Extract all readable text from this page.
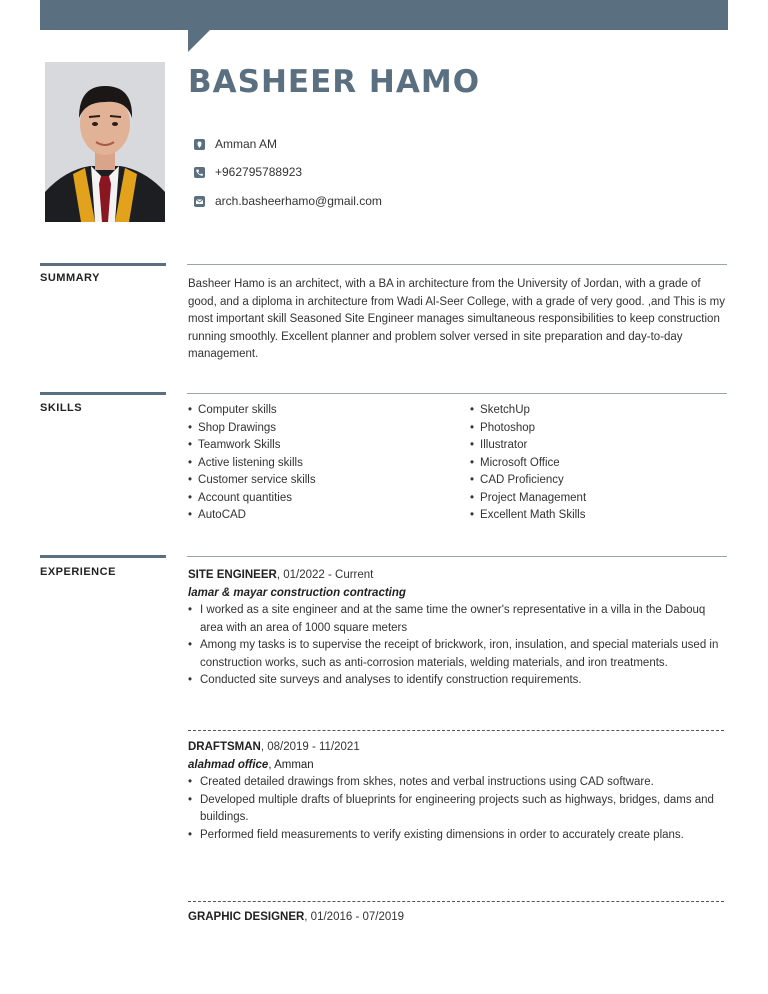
BASHEER HAMO
Amman AM
+962795788923
arch.basheerhamo@gmail.com
SUMMARY	Basheer Hamo is an architect, with a BA in architecture from the University of Jordan, with a grade of good, and a diploma in architecture from Wadi Al-Seer College, with a grade of very good. ,and This is my most important skill Seasoned Site Engineer manages simultaneous responsibilities to keep construction running smoothly. Excellent planner and problem solver versed in site preparation and day-to-day management.
SKILLS
•	Computer skills
• Shop Drawings
• Teamwork Skills
• Active listening skills
• Customer service skills
• Account quantities
• AutoCAD
• SketchUp
• Photoshop
• Illustrator
• Microsoft Office
• CAD Proficiency
• Project Management
• Excellent Math Skills
EXPERIENCE	SITE ENGINEER, 01/2022 - Current
lamar & mayar construction contracting
• I worked as a site engineer and at the same time the owner's representative in a villa in the Dabouq area with an area of 1000 square meters
• Among my tasks is to supervise the receipt of brickwork, iron, insulation, and special materials used in construction works, such as anti-corrosion materials, welding materials, and iron treatments.
• Conducted site surveys and analyses to identify construction requirements.
DRAFTSMAN, 08/2019 - 11/2021
alahmad office, Amman
• Created detailed drawings from skhes, notes and verbal instructions using CAD software.
• Developed multiple drafts of blueprints for engineering projects such as highways, bridges, dams and buildings.
• Performed field measurements to verify existing dimensions in order to accurately create plans.
GRAPHIC DESIGNER, 01/2016 - 07/2019
